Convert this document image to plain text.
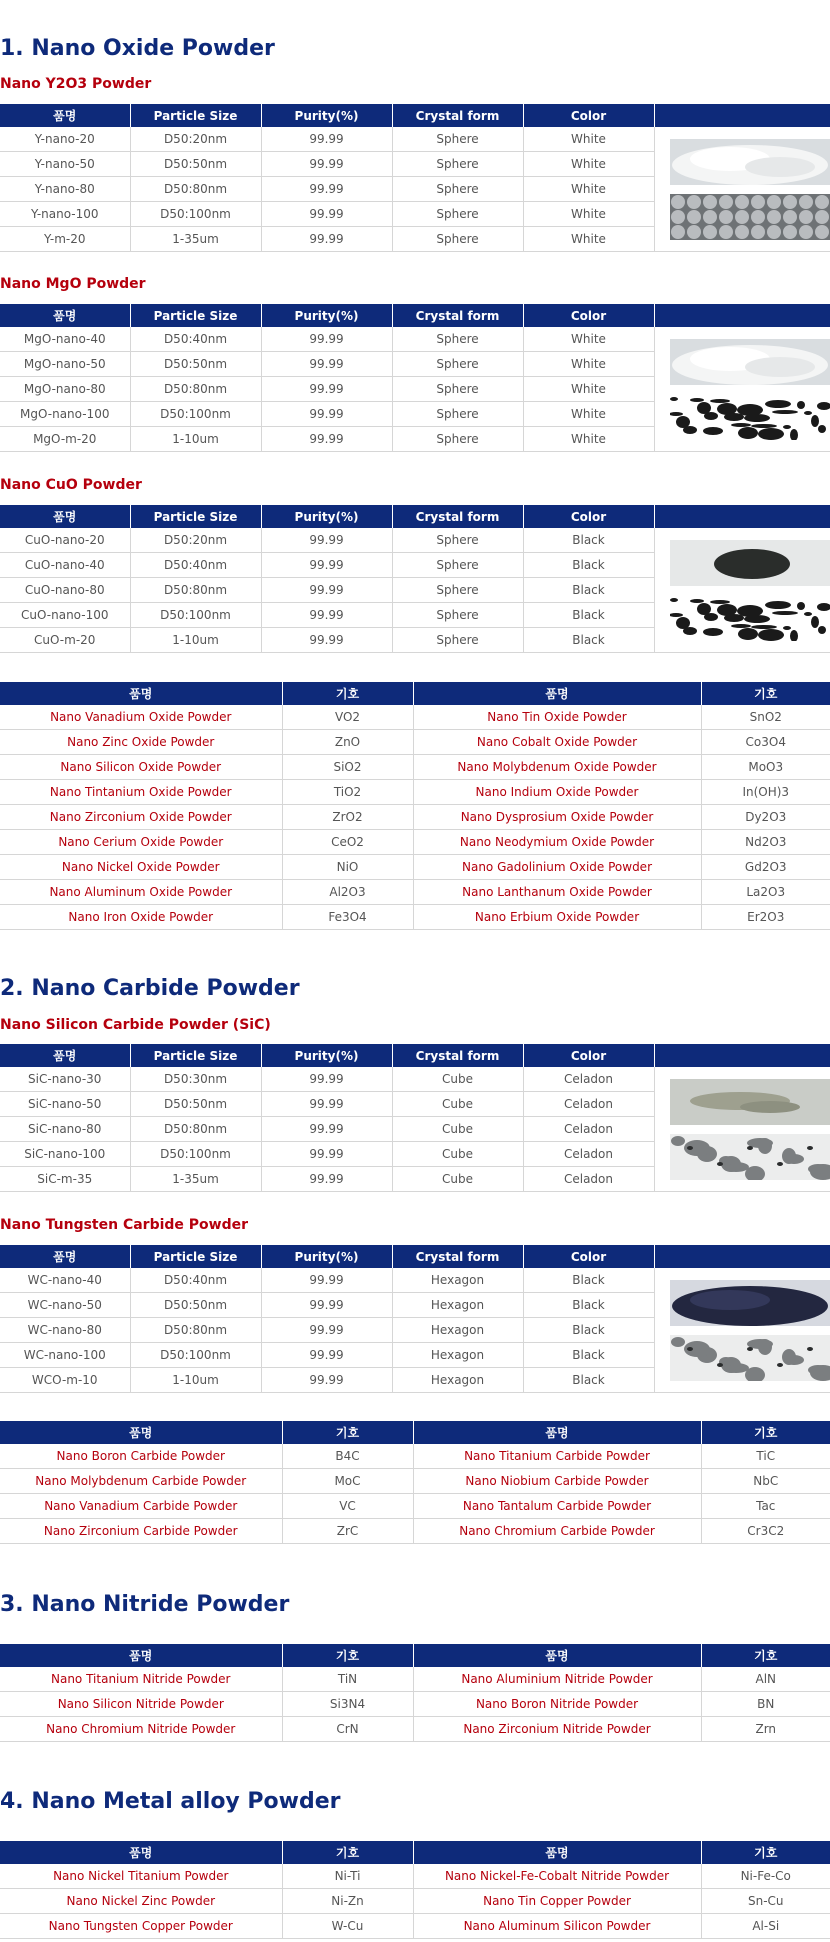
1. Nano Oxide Powder
Nano Y2O3 Powder
품명	Particle Size	Purity(%)	Crystal form	Color	
Y-nano-20	D50:20nm	99.99	Sphere	White	

Y-nano-50	D50:50nm	99.99	Sphere	White	
Y-nano-80	D50:80nm	99.99	Sphere	White	
Y-nano-100	D50:100nm	99.99	Sphere	White	
Y-m-20	1-35um	99.99	Sphere	White	
Nano MgO Powder
품명	Particle Size	Purity(%)	Crystal form	Color	
MgO-nano-40	D50:40nm	99.99	Sphere	White	

MgO-nano-50	D50:50nm	99.99	Sphere	White	
MgO-nano-80	D50:80nm	99.99	Sphere	White	
MgO-nano-100	D50:100nm	99.99	Sphere	White	
MgO-m-20	1-10um	99.99	Sphere	White	
Nano CuO Powder
품명	Particle Size	Purity(%)	Crystal form	Color	
CuO-nano-20	D50:20nm	99.99	Sphere	Black	

CuO-nano-40	D50:40nm	99.99	Sphere	Black	
CuO-nano-80	D50:80nm	99.99	Sphere	Black	
CuO-nano-100	D50:100nm	99.99	Sphere	Black	
CuO-m-20	1-10um	99.99	Sphere	Black	
품명	기호	품명	기호
Nano Vanadium Oxide Powder	VO2	Nano Tin Oxide Powder	SnO2
Nano Zinc Oxide Powder	ZnO	Nano Cobalt Oxide Powder	Co3O4
Nano Silicon Oxide Powder	SiO2	Nano Molybdenum Oxide Powder	MoO3
Nano Tintanium Oxide Powder	TiO2	Nano Indium Oxide Powder	In(OH)3
Nano Zirconium Oxide Powder	ZrO2	Nano Dysprosium Oxide Powder	Dy2O3
Nano Cerium Oxide Powder	CeO2	Nano Neodymium Oxide Powder	Nd2O3
Nano Nickel Oxide Powder	NiO	Nano Gadolinium Oxide Powder	Gd2O3
Nano Aluminum Oxide Powder	Al2O3	Nano Lanthanum Oxide Powder	La2O3
Nano Iron Oxide Powder	Fe3O4	Nano Erbium Oxide Powder	Er2O3
2. Nano Carbide Powder
Nano Silicon Carbide Powder (SiC)
품명	Particle Size	Purity(%)	Crystal form	Color	
SiC-nano-30	D50:30nm	99.99	Cube	Celadon	

SiC-nano-50	D50:50nm	99.99	Cube	Celadon	
SiC-nano-80	D50:80nm	99.99	Cube	Celadon	
SiC-nano-100	D50:100nm	99.99	Cube	Celadon	
SiC-m-35	1-35um	99.99	Cube	Celadon	
Nano Tungsten Carbide Powder
품명	Particle Size	Purity(%)	Crystal form	Color	
WC-nano-40	D50:40nm	99.99	Hexagon	Black	

WC-nano-50	D50:50nm	99.99	Hexagon	Black	
WC-nano-80	D50:80nm	99.99	Hexagon	Black	
WC-nano-100	D50:100nm	99.99	Hexagon	Black	
WCO-m-10	1-10um	99.99	Hexagon	Black	
품명	기호	품명	기호
Nano Boron Carbide Powder	B4C	Nano Titanium Carbide Powder	TiC
Nano Molybdenum Carbide Powder	MoC	Nano Niobium Carbide Powder	NbC
Nano Vanadium Carbide Powder	VC	Nano Tantalum Carbide Powder	Tac
Nano Zirconium Carbide Powder	ZrC	Nano Chromium Carbide Powder	Cr3C2
3. Nano Nitride Powder
품명	기호	품명	기호
Nano Titanium Nitride Powder	TiN	Nano Aluminium Nitride Powder	AlN
Nano Silicon Nitride Powder	Si3N4	Nano Boron Nitride Powder	BN
Nano Chromium Nitride Powder	CrN	Nano Zirconium Nitride Powder	Zrn
4. Nano Metal alloy Powder
품명	기호	품명	기호
Nano Nickel Titanium Powder	Ni-Ti	Nano Nickel-Fe-Cobalt Nitride Powder	Ni-Fe-Co
Nano Nickel Zinc Powder	Ni-Zn	Nano Tin Copper Powder	Sn-Cu
Nano Tungsten Copper Powder	W-Cu	Nano Aluminum Silicon Powder	Al-Si
